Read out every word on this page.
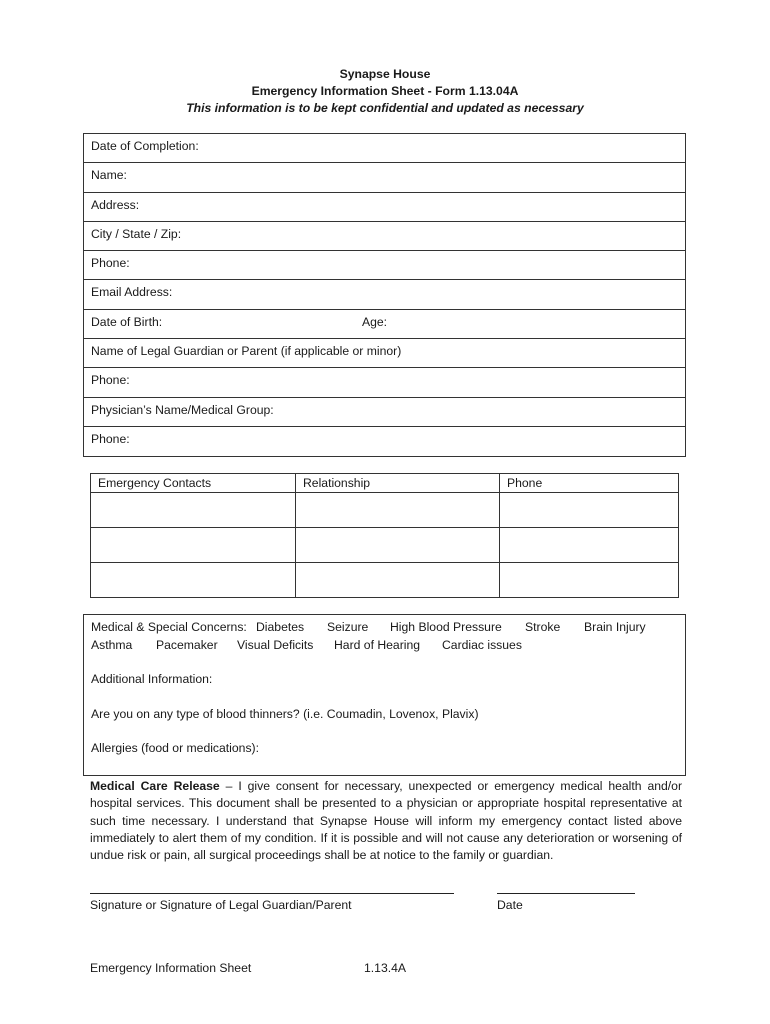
Synapse House
Emergency Information Sheet - Form 1.13.04A
This information is to be kept confidential and updated as necessary
Date of Completion:
Name:
Address:
City / State / Zip:
Phone:
Email Address:
Date of Birth:	Age:
Name of Legal Guardian or Parent (if applicable or minor)
Phone:
Physician’s Name/Medical Group:
Phone:
Emergency Contacts	Relationship	Phone

Medical & Special Concerns: Diabetes Seizure High Blood Pressure Stroke Brain Injury
Asthma Pacemaker Visual Deficits Hard of Hearing Cardiac issues
Additional Information:
Are you on any type of blood thinners? (i.e. Coumadin, Lovenox, Plavix)
Allergies (food or medications):
Medical Care Release – I give consent for necessary, unexpected or emergency medical health and/or hospital services. This document shall be presented to a physician or appropriate hospital representative at such time necessary. I understand that Synapse House will inform my emergency contact listed above immediately to alert them of my condition. If it is possible and will not cause any deterioration or worsening of undue risk or pain, all surgical proceedings shall be at notice to the family or guardian.
Signature or Signature of Legal Guardian/Parent	Date
Emergency Information Sheet	1.13.4A
